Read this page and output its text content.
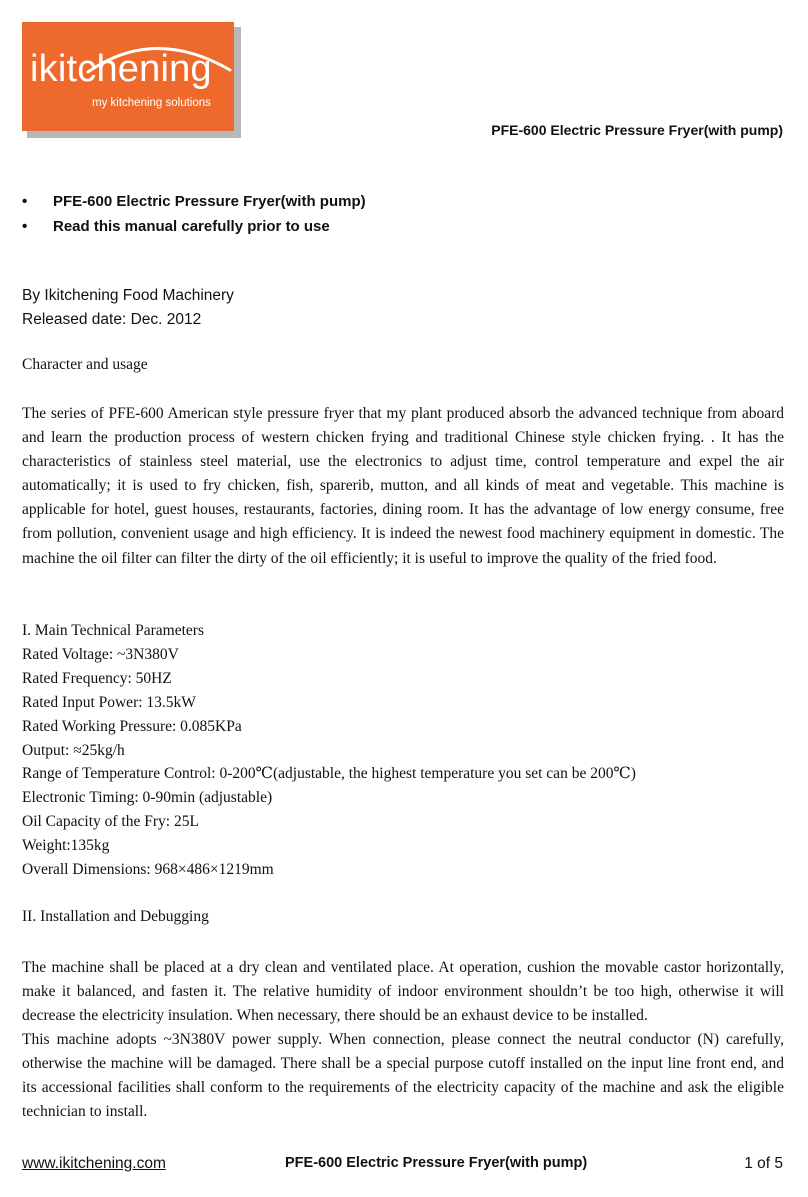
ikitchening
my kitchening solutions
PFE-600 Electric Pressure Fryer(with pump)
•	PFE-600 Electric Pressure Fryer(with pump)
•	Read this manual carefully prior to use
By Ikitchening Food Machinery
Released date: Dec. 2012
Character and usage

The series of PFE-600 American style pressure fryer that my plant produced absorb the advanced technique from aboard and learn the production process of western chicken frying and traditional Chinese style chicken frying. . It has the characteristics of stainless steel material, use the electronics to adjust time, control temperature and expel the air automatically; it is used to fry chicken, fish, sparerib, mutton, and all kinds of meat and vegetable. This machine is applicable for hotel, guest houses, restaurants, factories, dining room. It has the advantage of low energy consume, free from pollution, convenient usage and high efficiency. It is indeed the newest food machinery equipment in domestic. The machine the oil filter can filter the dirty of the oil efficiently; it is useful to improve the quality of the fried food.

I. Main Technical Parameters
Rated Voltage: ~3N380V
Rated Frequency: 50HZ
Rated Input Power: 13.5kW
Rated Working Pressure: 0.085KPa
Output: ≈25kg/h
Range of Temperature Control: 0-200℃(adjustable, the highest temperature you set can be 200℃)
Electronic Timing: 0-90min (adjustable)
Oil Capacity of the Fry: 25L
Weight:135kg
Overall Dimensions: 968×486×1219mm
II. Installation and Debugging

The machine shall be placed at a dry clean and ventilated place. At operation, cushion the movable castor horizontally, make it balanced, and fasten it. The relative humidity of indoor environment shouldn’t be too high, otherwise it will decrease the electricity insulation. When necessary, there should be an exhaust device to be installed.

This machine adopts ~3N380V power supply. When connection, please connect the neutral conductor (N) carefully, otherwise the machine will be damaged. There shall be a special purpose cutoff installed on the input line front end, and its accessional facilities shall conform to the requirements of the electricity capacity of the machine and ask the eligible technician to install.

www.ikitchening.com	PFE-600 Electric Pressure Fryer(with pump)	1 of 5
